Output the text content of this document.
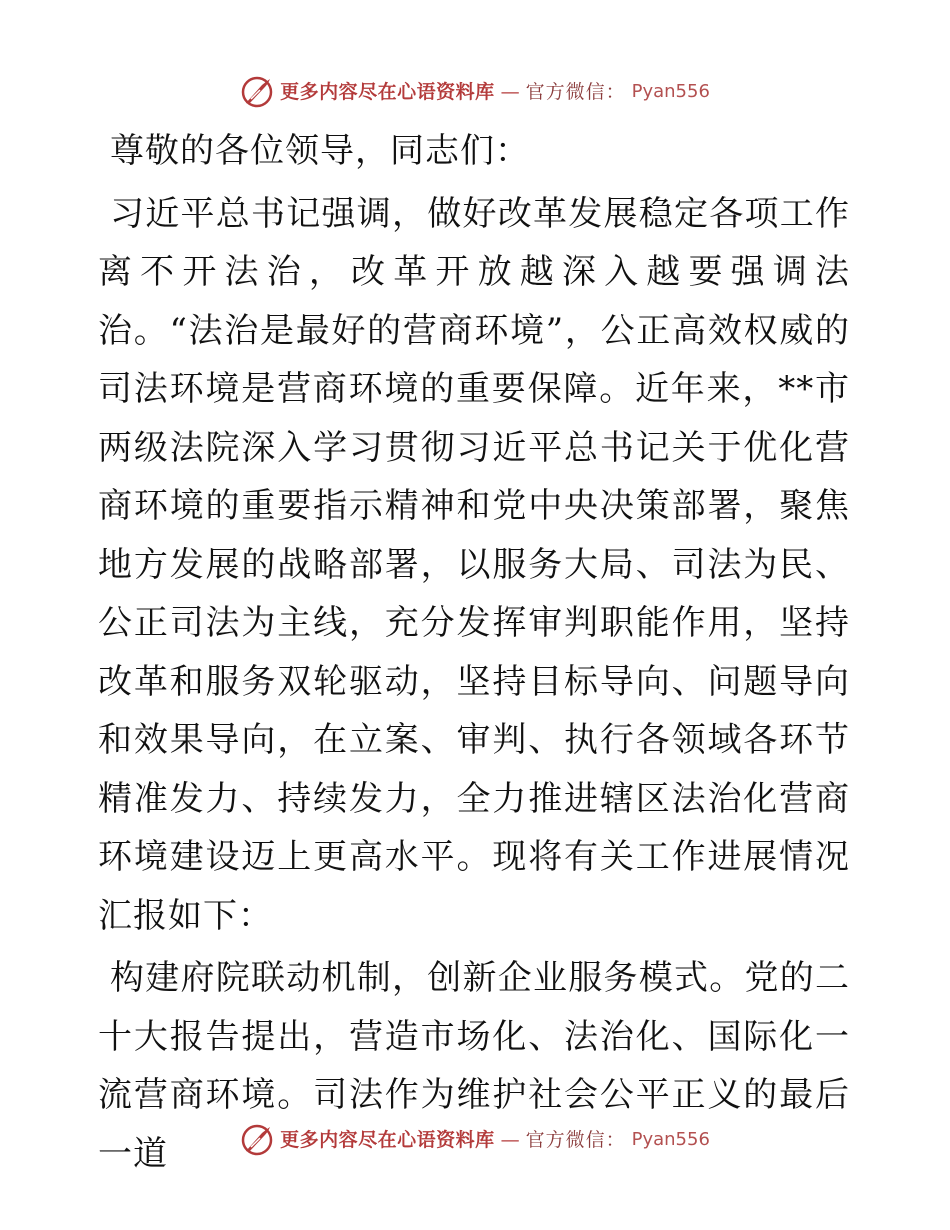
更多内容尽在心语资料库 — 官方微信： Pyan556

尊敬的各位领导，同志们：

习近平总书记强调，做好改革发展稳定各项工作离不开法治，改革开放越深入越要强调法治。“法治是最好的营商环境”，公正高效权威的司法环境是营商环境的重要保障。近年来，**市两级法院深入学习贯彻习近平总书记关于优化营商环境的重要指示精神和党中央决策部署，聚焦地方发展的战略部署，以服务大局、司法为民、公正司法为主线，充分发挥审判职能作用，坚持改革和服务双轮驱动，坚持目标导向、问题导向和效果导向，在立案、审判、执行各领域各环节精准发力、持续发力，全力推进辖区法治化营商环境建设迈上更高水平。现将有关工作进展情况汇报如下：

构建府院联动机制，创新企业服务模式。党的二十大报告提出，营造市场化、法治化、国际化一流营商环境。司法作为维护社会公平正义的最后一道	更多内容尽在心语资料库 — 官方微信： Pyan556
